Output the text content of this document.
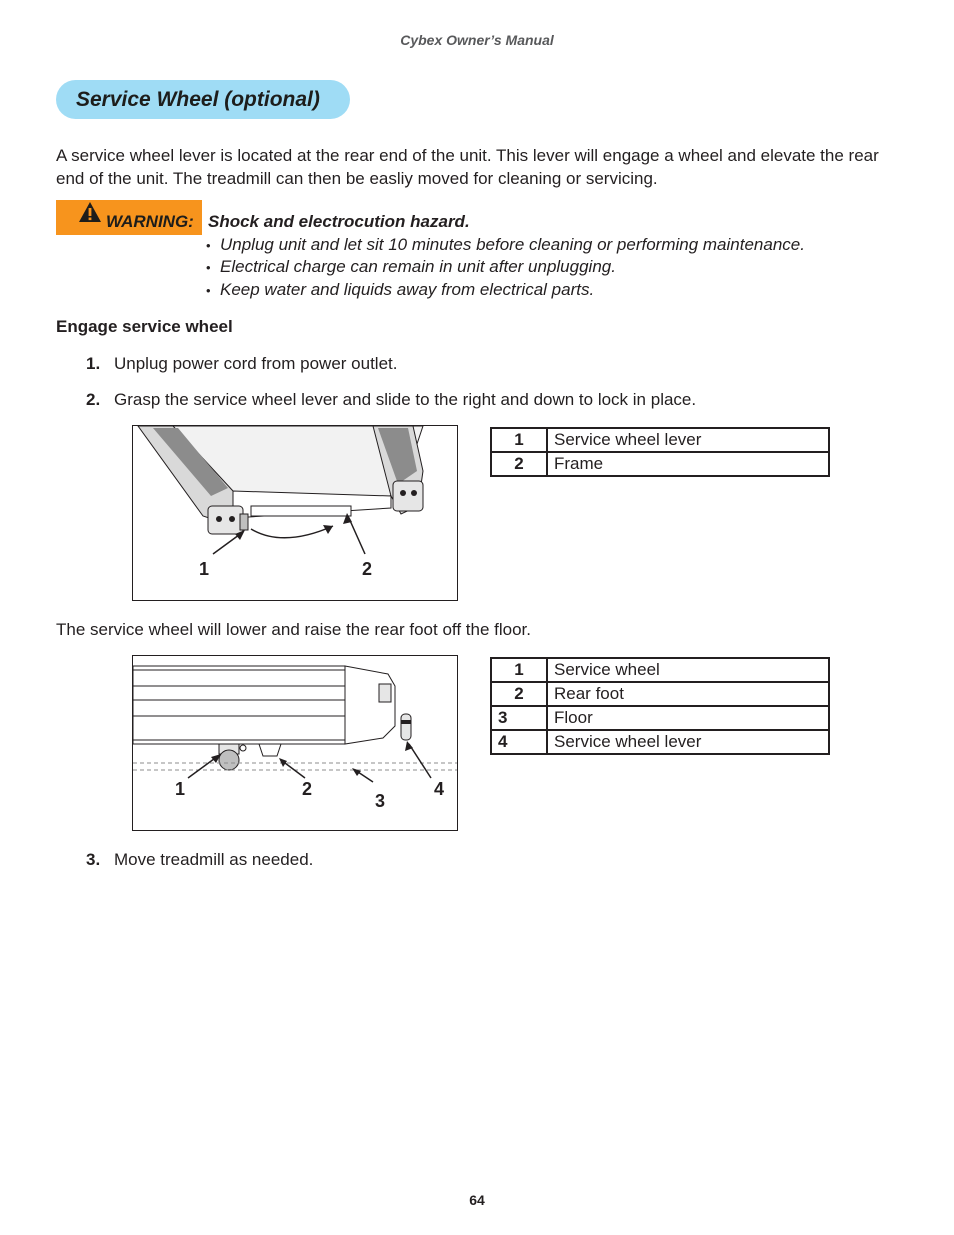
Cybex Owner’s Manual
Service Wheel (optional)
A service wheel lever is located at the rear end of the unit. This lever will engage a wheel and elevate the rear end of the unit. The treadmill can then be easliy moved for cleaning or servicing.
WARNING: Shock and electrocution hazard.
• Unplug unit and let sit 10 minutes before cleaning or performing maintenance.
• Electrical charge can remain in unit after unplugging.
• Keep water and liquids away from electrical parts.
Engage service wheel
1. Unplug power cord from power outlet.
2. Grasp the service wheel lever and slide to the right and down to lock in place.
1	2
1	Service wheel lever
2	Frame
The service wheel will lower and raise the rear foot off the floor.
1	2
3
4
1	Service wheel
2	Rear foot
3	Floor
4	Service wheel lever
3. Move treadmill as needed.
64
